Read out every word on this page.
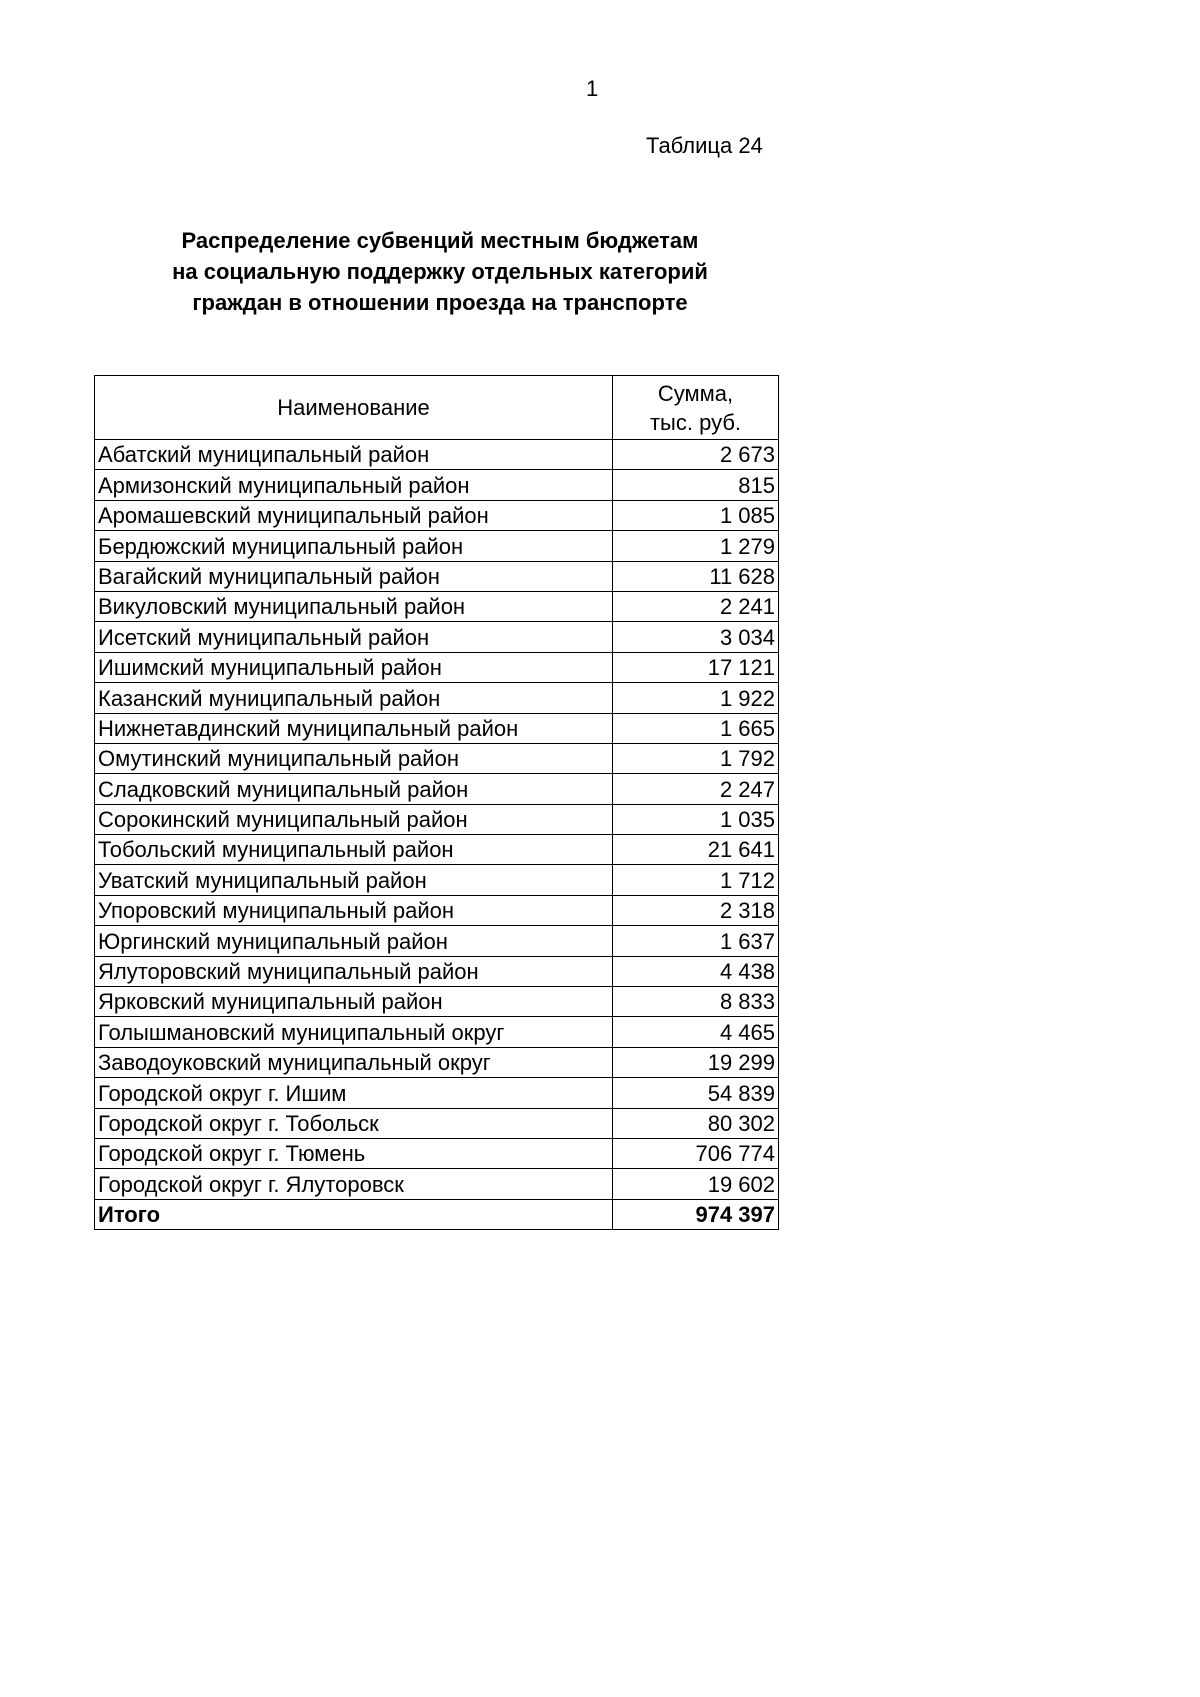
1
Таблица 24
Распределение субвенций местным бюджетам
на социальную поддержку отдельных категорий
граждан в отношении проезда на транспорте
Наименование	Сумма,
тыс. руб.

Абатский муниципальный район	2 673
Армизонский муниципальный район	815
Аромашевский муниципальный район	1 085
Бердюжский муниципальный район	1 279
Вагайский муниципальный район	11 628
Викуловский муниципальный район	2 241
Исетский муниципальный район	3 034
Ишимский муниципальный район	17 121
Казанский муниципальный район	1 922
Нижнетавдинский муниципальный район	1 665
Омутинский муниципальный район	1 792
Сладковский муниципальный район	2 247
Сорокинский муниципальный район	1 035
Тобольский муниципальный район	21 641
Уватский муниципальный район	1 712
Упоровский муниципальный район	2 318
Юргинский муниципальный район	1 637
Ялуторовский муниципальный район	4 438
Ярковский муниципальный район	8 833
Голышмановский муниципальный округ	4 465
Заводоуковский муниципальный округ	19 299
Городской округ г. Ишим	54 839
Городской округ г. Тобольск	80 302
Городской округ г. Тюмень	706 774
Городской округ г. Ялуторовск	19 602
Итого	974 397
